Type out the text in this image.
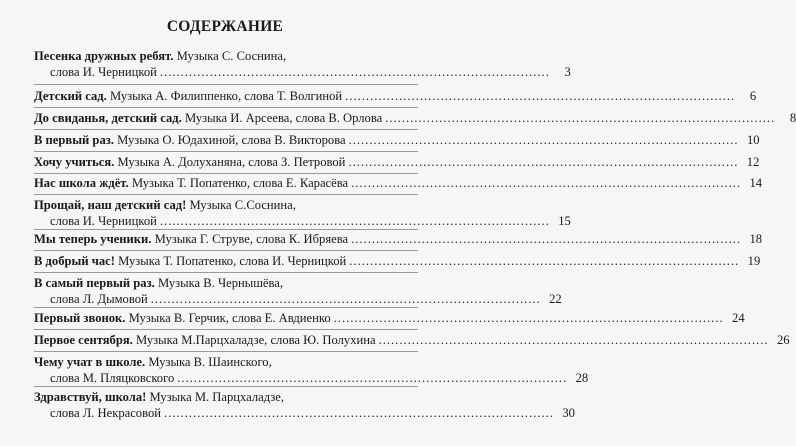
СОДЕРЖАНИЕ
Песенка дружных ребят. Музыка С. Соснина,
слова И. Черницкой ..............................................................................................	3
Детский сад. Музыка А. Филиппенко, слова Т. Волгиной ..............................................................................................	6
До свиданья, детский сад. Музыка И. Арсеева, слова В. Орлова ..............................................................................................	8
В первый раз. Музыка О. Юдахиной, слова В. Викторова .............................................................................................. 10
Хочу учиться. Музыка А. Долуханяна, слова З. Петровой .............................................................................................. 12
Нас школа ждёт. Музыка Т. Попатенко, слова Е. Карасёва .............................................................................................. 14
Прощай, наш детский сад! Музыка С.Соснина,
слова И. Черницкой .............................................................................................. 15
Мы теперь ученики. Музыка Г. Струве, слова К. Ибряева .............................................................................................. 18
В добрый час! Музыка Т. Попатенко, слова И. Черницкой .............................................................................................. 19
В самый первый раз. Музыка В. Чернышёва,
слова Л. Дымовой .............................................................................................. 22
Первый звонок. Музыка В. Герчик, слова Е. Авдиенко .............................................................................................. 24
Первое сентября. Музыка М.Парцхаладзе, слова Ю. Полухина .............................................................................................. 26
Чему учат в школе. Музыка В. Шаинского,
слова М. Пляцковского .............................................................................................. 28
Здравствуй, школа! Музыка М. Парцхаладзе,
слова Л. Некрасовой .............................................................................................. 30
